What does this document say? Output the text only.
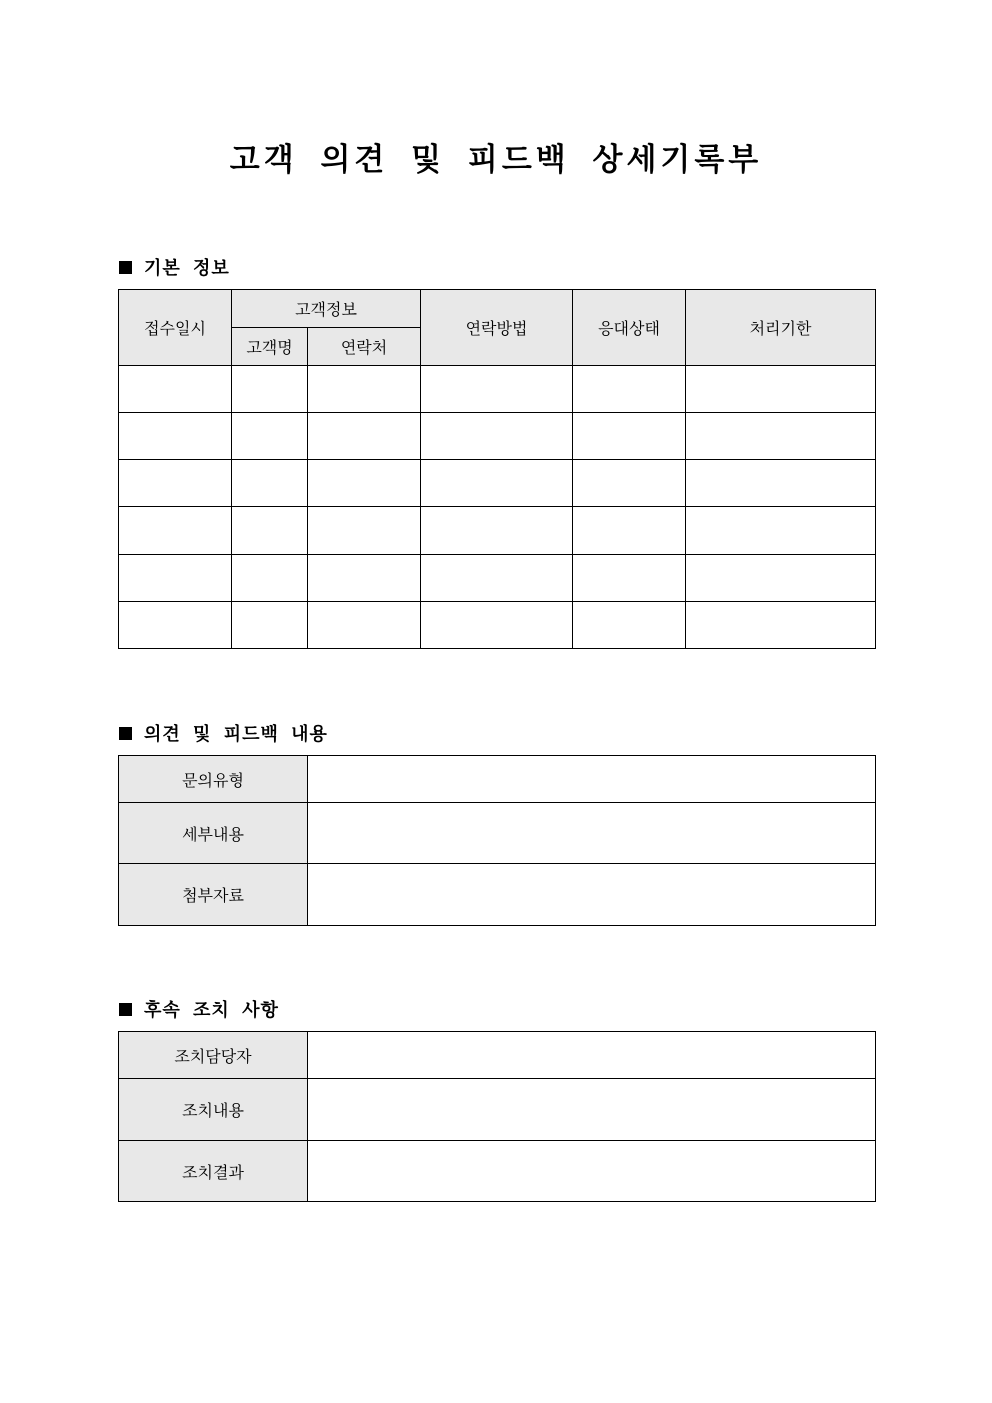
고객 의견 및 피드백 상세기록부
기본 정보
접수일시	고객정보		연락방법	응대상태	처리기한
	고객명	연락처			

의견 및 피드백 내용
문의유형	
세부내용	
첨부자료	
후속 조치 사항
조치담당자	
조치내용	
조치결과	
